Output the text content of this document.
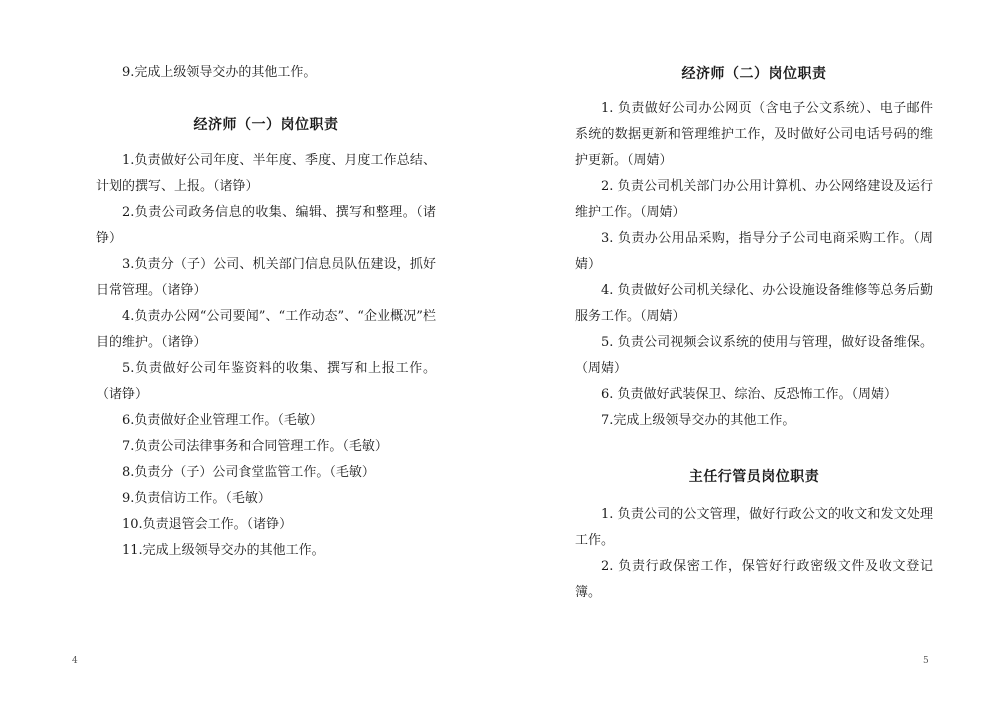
9.完成上级领导交办的其他工作。

经济师（一）岗位职责

1.负责做好公司年度、半年度、季度、月度工作总结、计划的撰写、上报。（诸铮）

2.负责公司政务信息的收集、编辑、撰写和整理。（诸铮）

3.负责分（子）公司、机关部门信息员队伍建设，抓好日常管理。（诸铮）

4.负责办公网“公司要闻”、“工作动态”、“企业概况”栏目的维护。（诸铮）

5.负责做好公司年鉴资料的收集、撰写和上报工作。（诸铮）

6.负责做好企业管理工作。（毛敏）

7.负责公司法律事务和合同管理工作。（毛敏）

8.负责分（子）公司食堂监管工作。（毛敏）

9.负责信访工作。（毛敏）

10.负责退管会工作。（诸铮）

11.完成上级领导交办的其他工作。

4
经济师（二）岗位职责

1. 负责做好公司办公网页（含电子公文系统）、电子邮件系统的数据更新和管理维护工作，及时做好公司电话号码的维护更新。（周婧）

2. 负责公司机关部门办公用计算机、办公网络建设及运行维护工作。（周婧）

3. 负责办公用品采购，指导分子公司电商采购工作。（周婧）

4. 负责做好公司机关绿化、办公设施设备维修等总务后勤服务工作。（周婧）

5. 负责公司视频会议系统的使用与管理，做好设备维保。（周婧）

6. 负责做好武装保卫、综治、反恐怖工作。（周婧）

7.完成上级领导交办的其他工作。

主任行管员岗位职责

1. 负责公司的公文管理，做好行政公文的收文和发文处理工作。

2. 负责行政保密工作，保管好行政密级文件及收文登记簿。

5
